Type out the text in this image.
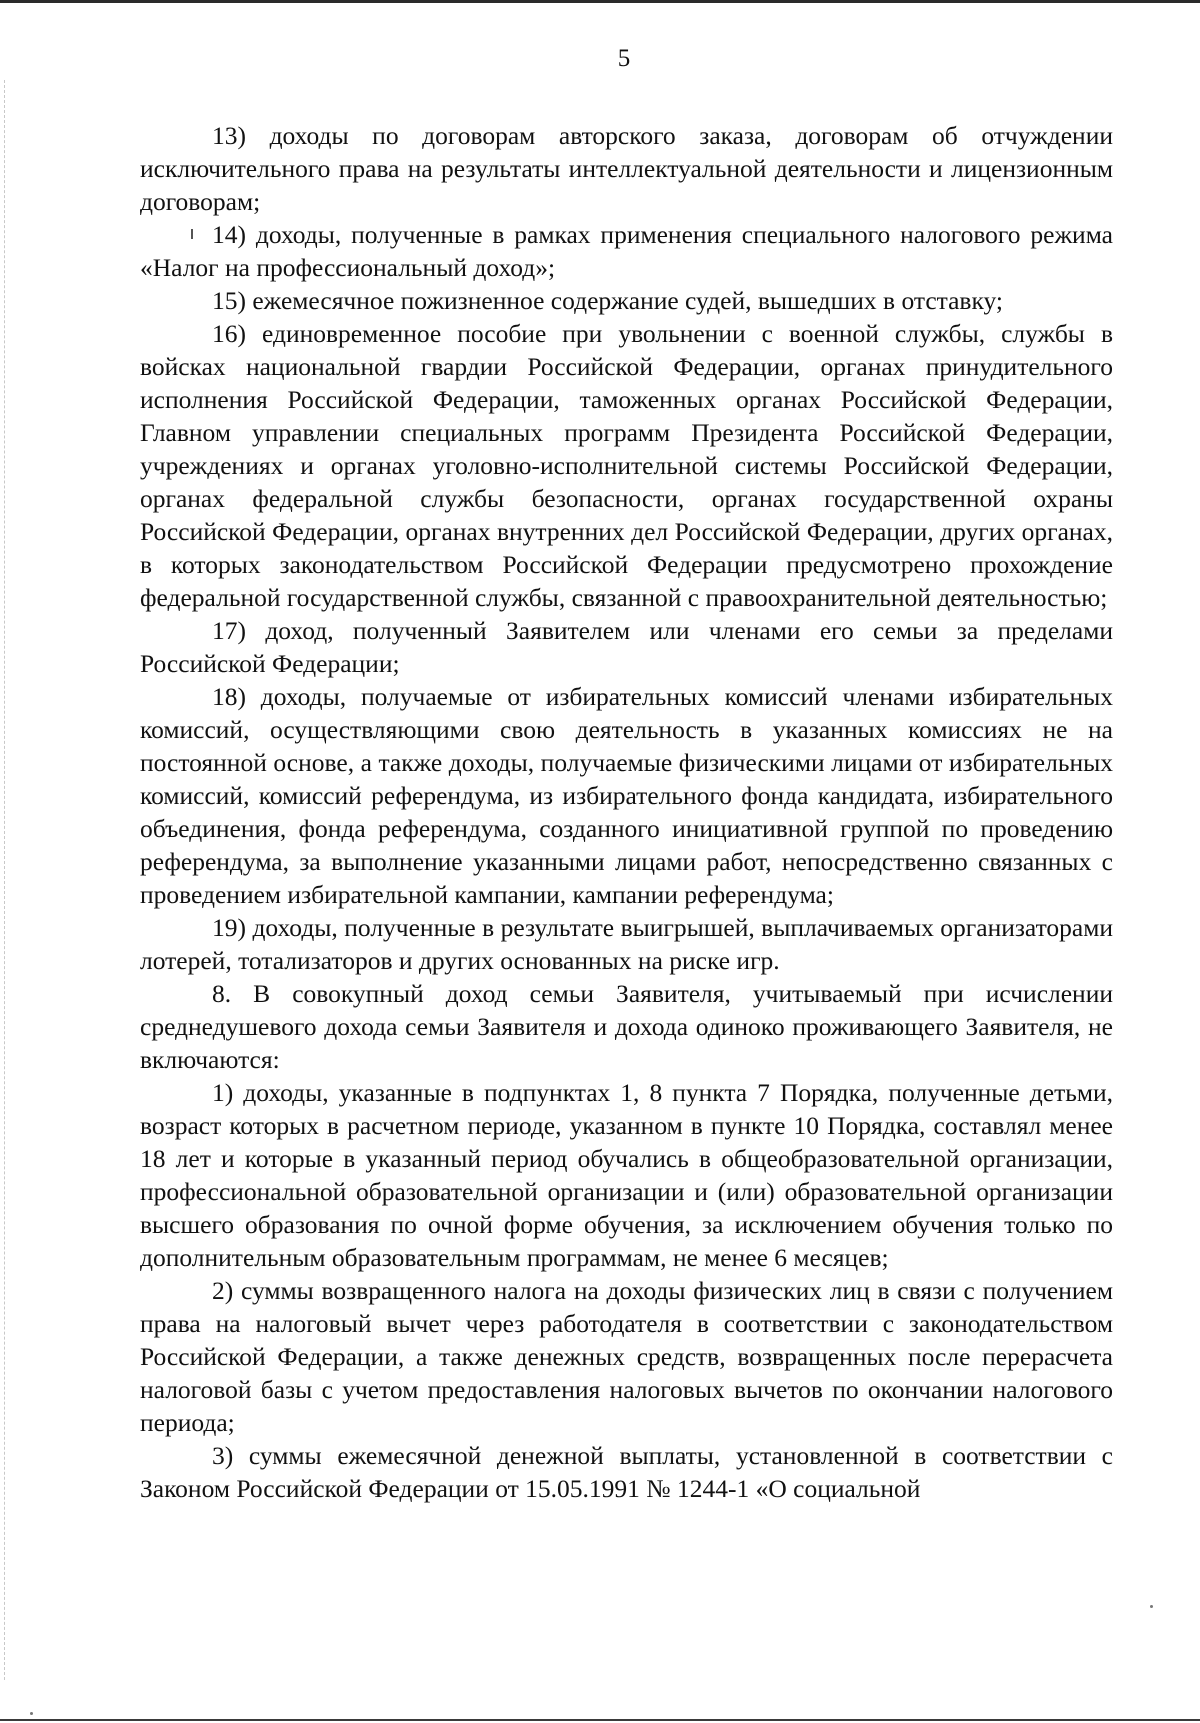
5

13) доходы по договорам авторского заказа, договорам об отчуждении исключительного права на результаты интеллектуальной деятельности и лицензионным договорам;

14) доходы, полученные в рамках применения специального налогового режима «Налог на профессиональный доход»;

15) ежемесячное пожизненное содержание судей, вышедших в отставку;

16) единовременное пособие при увольнении с военной службы, службы в войсках национальной гвардии Российской Федерации, органах принудительного исполнения Российской Федерации, таможенных органах Российской Федерации, Главном управлении специальных программ Президента Российской Федерации, учреждениях и органах уголовно-исполнительной системы Российской Федерации, органах федеральной службы безопасности, органах государственной охраны Российской Федерации, органах внутренних дел Российской Федерации, других органах, в которых законодательством Российской Федерации предусмотрено прохождение федеральной государственной службы, связанной с правоохранительной деятельностью;

17) доход, полученный Заявителем или членами его семьи за пределами Российской Федерации;

18) доходы, получаемые от избирательных комиссий членами избирательных комиссий, осуществляющими свою деятельность в указанных комиссиях не на постоянной основе, а также доходы, получаемые физическими лицами от избирательных комиссий, комиссий референдума, из избирательного фонда кандидата, избирательного объединения, фонда референдума, созданного инициативной группой по проведению референдума, за выполнение указанными лицами работ, непосредственно связанных с проведением избирательной кампании, кампании референдума;

19) доходы, полученные в результате выигрышей, выплачиваемых организаторами лотерей, тотализаторов и других основанных на риске игр.

8. В совокупный доход семьи Заявителя, учитываемый при исчислении среднедушевого дохода семьи Заявителя и дохода одиноко проживающего Заявителя, не включаются:

1) доходы, указанные в подпунктах 1, 8 пункта 7 Порядка, полученные детьми, возраст которых в расчетном периоде, указанном в пункте 10 Порядка, составлял менее 18 лет и которые в указанный период обучались в общеобразовательной организации, профессиональной образовательной организации и (или) образовательной организации высшего образования по очной форме обучения, за исключением обучения только по дополнительным образовательным программам, не менее 6 месяцев;

2) суммы возвращенного налога на доходы физических лиц в связи с получением права на налоговый вычет через работодателя в соответствии с законодательством Российской Федерации, а также денежных средств, возвращенных после перерасчета налоговой базы с учетом предоставления налоговых вычетов по окончании налогового периода;

3) суммы ежемесячной денежной выплаты, установленной в соответствии с Законом Российской Федерации от 15.05.1991 № 1244-1 «О социальной
